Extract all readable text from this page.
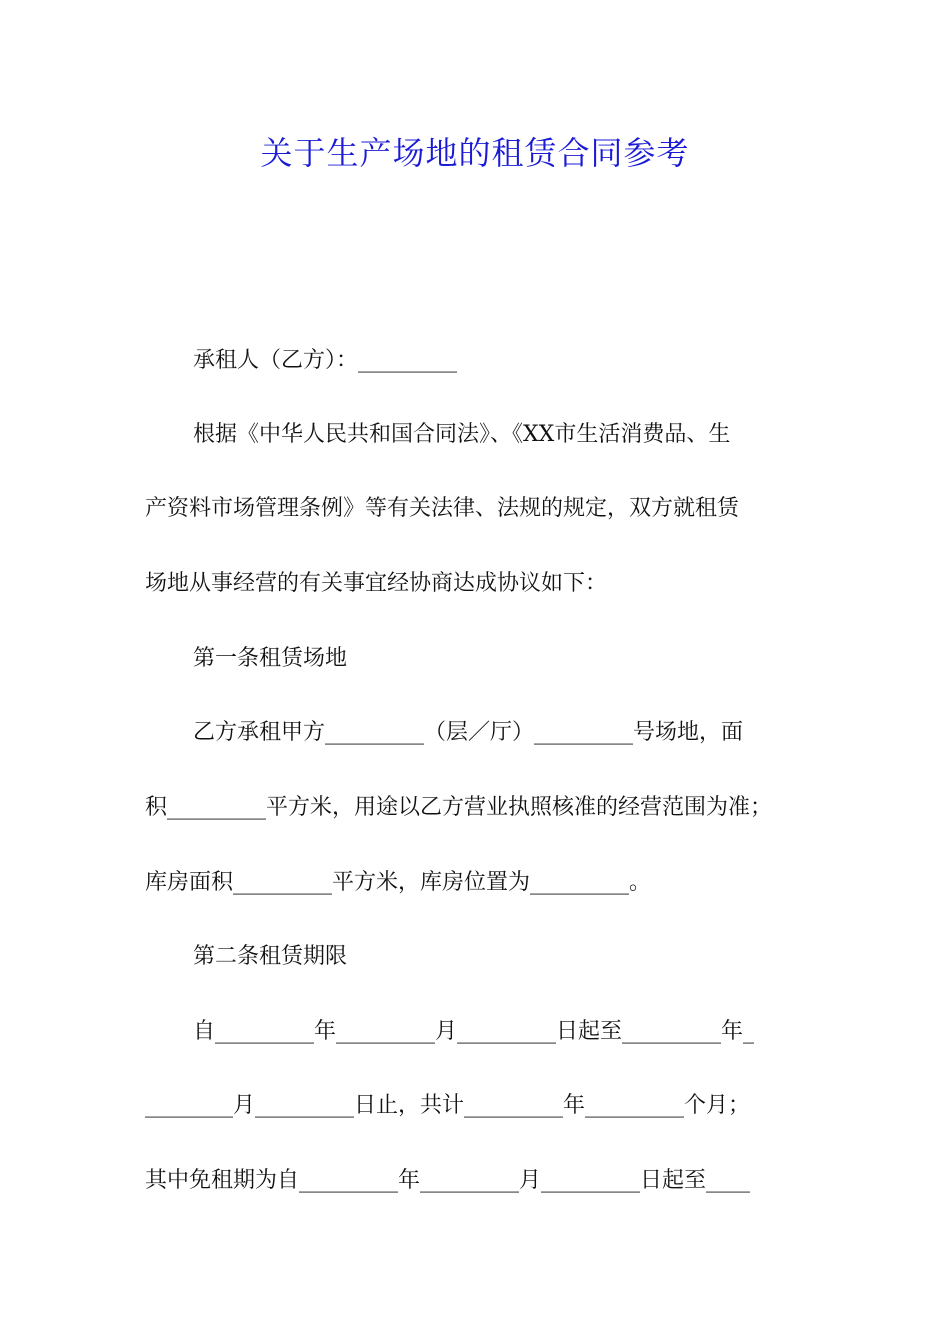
关于生产场地的租赁合同参考
承租人（乙方）：_________
根据《中华人民共和国合同法》、《XX市生活消费品、生
产资料市场管理条例》等有关法律、法规的规定，双方就租赁
场地从事经营的有关事宜经协商达成协议如下：
第一条租赁场地
乙方承租甲方_________（层／厅）_________号场地，面
积_________平方米，用途以乙方营业执照核准的经营范围为准；
库房面积_________平方米，库房位置为_________。
第二条租赁期限
自_________年_________月_________日起至_________年_
________月_________日止，共计_________年_________个月；
其中免租期为自_________年_________月_________日起至____
